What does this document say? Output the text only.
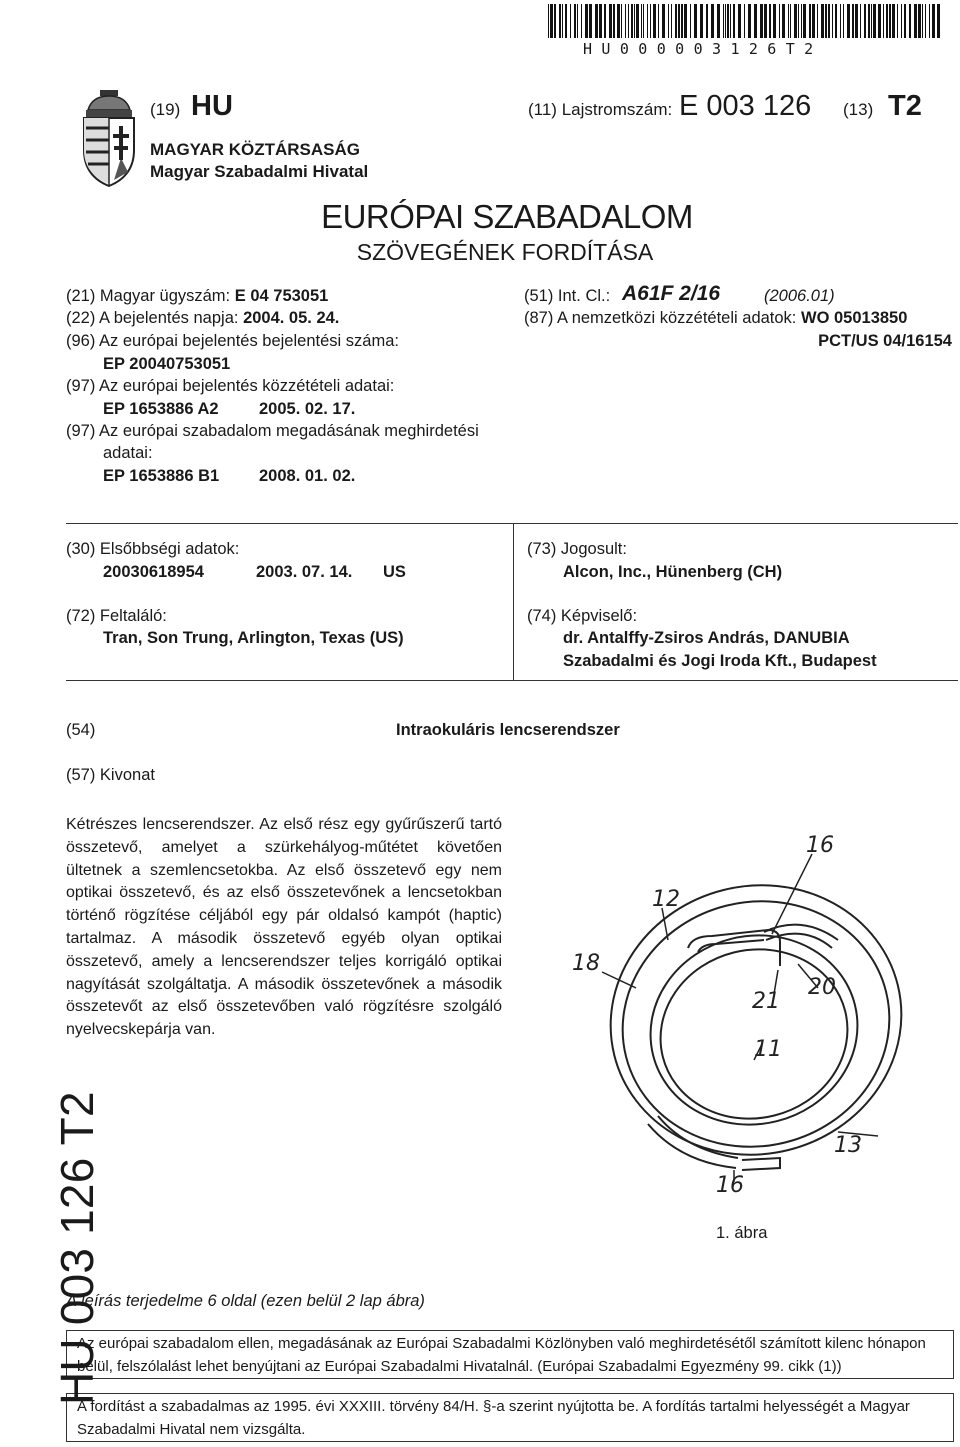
HU000003126T2
(19) HU
MAGYAR KÖZTÁRSASÁG
Magyar Szabadalmi Hivatal
(11) Lajstromszám: E 003 126 (13) T2
EURÓPAI SZABADALOM
SZÖVEGÉNEK FORDÍTÁSA
(21) Magyar ügyszám: E 04 753051
(22) A bejelentés napja: 2004. 05. 24.
(96) Az európai bejelentés bejelentési száma:
EP 20040753051
(97) Az európai bejelentés közzétételi adatai:
EP 1653886 A2 2005. 02. 17.
(97) Az európai szabadalom megadásának meghirdetési
adatai:
EP 1653886 B1 2008. 01. 02.
(51) Int. Cl.: A61F 2/16	(2006.01)
(87) A nemzetközi közzétételi adatok: WO 05013850
PCT/US 04/16154
(30) Elsőbbségi adatok:
20030618954	2003. 07. 14. US
(72) Feltaláló:
Tran, Son Trung, Arlington, Texas (US)
(73) Jogosult:
Alcon, Inc., Hünenberg (CH)
(74) Képviselő:
dr. Antalffy-Zsiros András, DANUBIA
Szabadalmi és Jogi Iroda Kft., Budapest
(54)	Intraokuláris lencserendszer
(57) Kivonat
Kétrészes lencserendszer. Az első rész egy gyűrűszerű tartó összetevő, amelyet a szürkehályog-műtétet követően ültetnek a szemlencsetokba. Az első összetevő egy nem optikai összetevő, és az első összetevőnek a lencsetokban történő rögzítése céljából egy pár oldalsó kampót (haptic) tartalmaz. A második összetevő egyéb olyan optikai összetevő, amely a lencserendszer teljes korrigáló optikai nagyítását szolgáltatja. A második összetevőnek a második összetevőt az első összetevőben való rögzítésre szolgáló nyelvecskepárja van.
16
12
18
21
20
11
13
16
1. ábra
A leírás terjedelme 6 oldal (ezen belül 2 lap ábra)
Az európai szabadalom ellen, megadásának az Európai Szabadalmi Közlönyben való meghirdetésétől számított kilenc hónapon belül, felszólalást lehet benyújtani az Európai Szabadalmi Hivatalnál. (Európai Szabadalmi Egyezmény 99. cikk (1))
A fordítást a szabadalmas az 1995. évi XXXIII. törvény 84/H. §-a szerint nyújtotta be. A fordítás tartalmi helyességét a Magyar Szabadalmi Hivatal nem vizsgálta.
HU 003 126 T2
